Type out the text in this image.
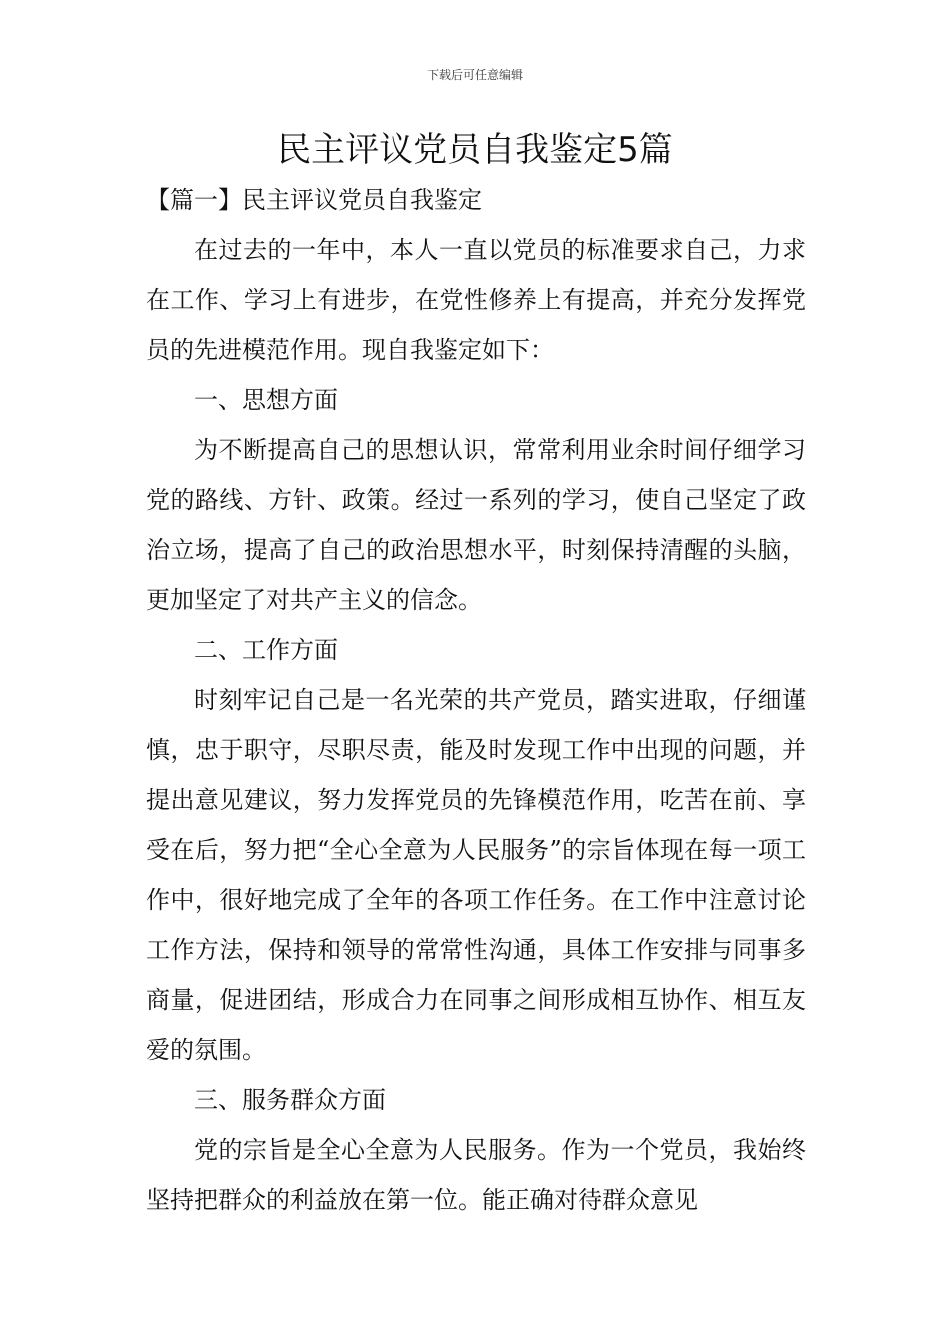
下载后可任意编辑
民主评议党员自我鉴定5篇

【篇一】民主评议党员自我鉴定

在过去的一年中，本人一直以党员的标准要求自己，力求在工作、学习上有进步，在党性修养上有提高，并充分发挥党员的先进模范作用。现自我鉴定如下：

一、思想方面

为不断提高自己的思想认识，常常利用业余时间仔细学习党的路线、方针、政策。经过一系列的学习，使自己坚定了政治立场，提高了自己的政治思想水平，时刻保持清醒的头脑，更加坚定了对共产主义的信念。

二、工作方面

时刻牢记自己是一名光荣的共产党员，踏实进取，仔细谨慎，忠于职守，尽职尽责，能及时发现工作中出现的问题，并提出意见建议，努力发挥党员的先锋模范作用，吃苦在前、享受在后，努力把“全心全意为人民服务”的宗旨体现在每一项工作中，很好地完成了全年的各项工作任务。在工作中注意讨论工作方法，保持和领导的常常性沟通，具体工作安排与同事多商量，促进团结，形成合力在同事之间形成相互协作、相互友爱的氛围。

三、服务群众方面

党的宗旨是全心全意为人民服务。作为一个党员，我始终坚持把群众的利益放在第一位。能正确对待群众意见
